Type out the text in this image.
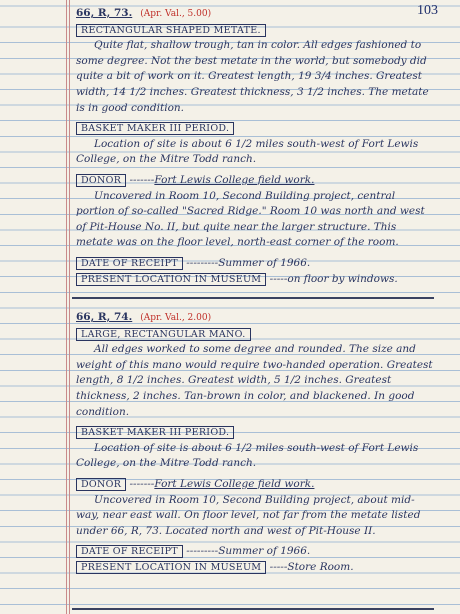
103
66, R, 73. (Apr. Val., 5.00)
RECTANGULAR SHAPED METATE.

Quite flat, shallow trough, tan in color. All edges fashioned to some degree. Not the best metate in the world, but somebody did quite a bit of work on it. Greatest length, 19 3/4 inches. Greatest width, 14 1/2 inches. Greatest thickness, 3 1/2 inches. The metate is in good condition.

BASKET MAKER III PERIOD.

Location of site is about 6 1/2 miles south-west of Fort Lewis College, on the Mitre Todd ranch.

DONOR -------Fort Lewis College field work.

Uncovered in Room 10, Second Building project, central portion of so-called "Sacred Ridge." Room 10 was north and west of Pit-House No. II, but quite near the larger structure. This metate was on the floor level, north-east corner of the room.

DATE OF RECEIPT ---------Summer of 1966.
PRESENT LOCATION IN MUSEUM -----on floor by windows.
66, R, 74. (Apr. Val., 2.00)
LARGE, RECTANGULAR MANO.

All edges worked to some degree and rounded. The size and weight of this mano would require two-handed operation. Greatest length, 8 1/2 inches. Greatest width, 5 1/2 inches. Greatest thickness, 2 inches. Tan-brown in color, and blackened. In good condition.

BASKET MAKER III PERIOD.

Location of site is about 6 1/2 miles south-west of Fort Lewis College, on the Mitre Todd ranch.

DONOR -------Fort Lewis College field work.

Uncovered in Room 10, Second Building project, about mid-way, near east wall. On floor level, not far from the metate listed under 66, R, 73. Located north and west of Pit-House II.

DATE OF RECEIPT ---------Summer of 1966.
PRESENT LOCATION IN MUSEUM -----Store Room.
